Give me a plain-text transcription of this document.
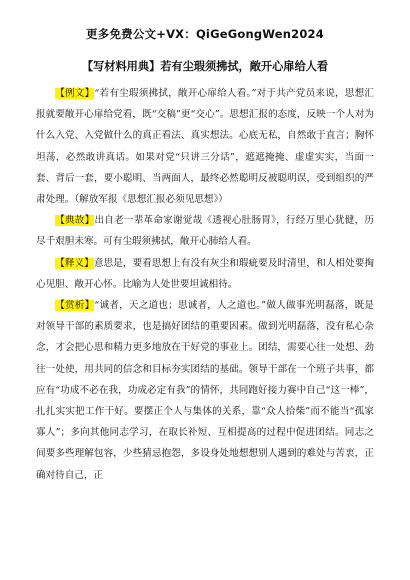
更多免费公文+VX：QiGeGongWen2024
【写材料用典】若有尘瑕须拂拭，敞开心扉给人看

【例文】“若有尘瑕须拂拭，敞开心扉给人看。”对于共产党员来说，思想汇报就要敞开心扉给党看，既“交稿”更“交心”。思想汇报的态度，反映一个人对为什么入党、入党做什么的真正看法、真实想法。心底无私，自然敢于直言；胸怀坦荡，必然敢讲真话。如果对党“只讲三分话”，遮遮掩掩、虚虚实实，当面一套、背后一套，要小聪明、当两面人，最终必然聪明反被聪明误，受到组织的严肃处理。（解放军报《思想汇报必须见思想》）

【典故】出自老一辈革命家谢觉哉《透视心肚肠胃》，行经万里心犹健，历尽千艰胆未寒。可有尘瑕须拂拭，敞开心肺给人看。

【释义】意思是，要看思想上有没有灰尘和瑕疵要及时清里，和人相处要掏心见胆、敞开心怀。比喻为人处世要坦诚相待。

【赏析】“诚者，天之道也；思诚者，人之道也。”做人做事光明磊落，既是对领导干部的素质要求，也是搞好团结的重要因素。做到光明磊落，没有私心杂念，才会把心思和精力更多地放在干好党的事业上。团结，需要心往一处想、劲往一处使，用共同的信念和目标夯实团结的基础。领导干部在一个班子共事，都应有“功成不必在我，功成必定有我”的情怀，共同跑好接力赛中自己“这一棒”，扎扎实实把工作干好。要摆正个人与集体的关系，靠“众人拾柴”而不能当“孤家寡人”；多向其他同志学习，在取长补短、互相提高的过程中促进团结。同志之间要多些理解包容，少些猜忌抱怨，多设身处地想想别人遇到的难处与苦衷，正确对待自己，正
